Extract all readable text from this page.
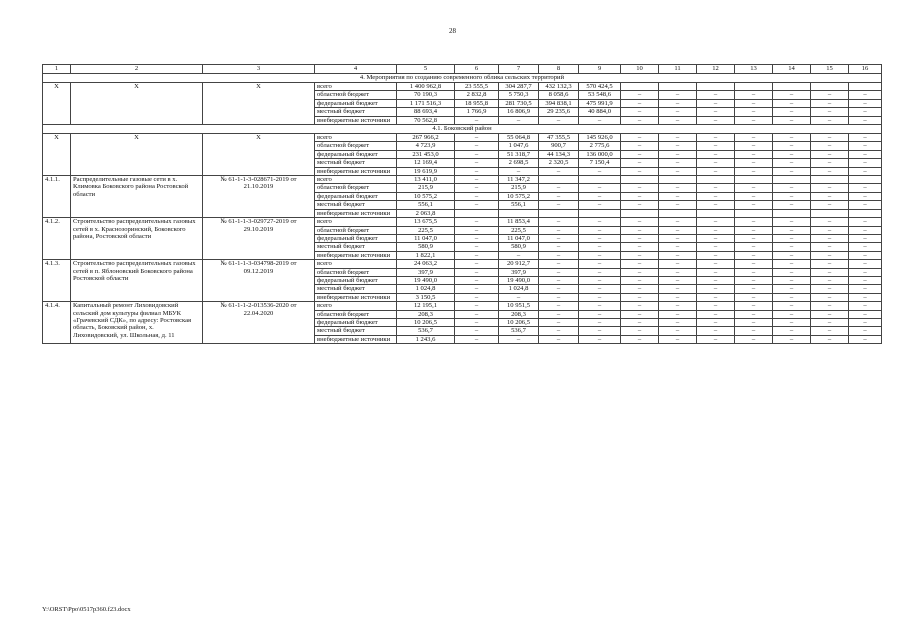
28
1	2	3	4	5	6	7	8	9	10	11	12	13	14	15	16
4. Мероприятия по созданию современного облика сельских территорий															
X	X	X	всего	1 400 962,8	23 555,5	304 287,7	432 132,3	570 424,5							
			областной бюджет	70 190,3	2 832,8	5 750,3	8 058,6	53 548,6	–	–	–	–	–	–	–
			федеральный бюджет	1 171 516,3	18 955,8	281 730,5	394 838,1	475 991,9	–	–	–	–	–	–	–
			местный бюджет	88 693,4	1 766,9	16 806,9	29 235,6	40 884,0	–	–	–	–	–	–	–
			внебюджетные источники	70 562,8	–	–	–	–	–	–	–	–	–	–	–
4.1. Боковский район															
X	X	X	всего	267 966,2	–	55 064,8	47 355,5	145 926,0	–	–	–	–	–	–	–
			областной бюджет	4 723,9	–	1 047,6	900,7	2 775,6	–	–	–	–	–	–	–
			федеральный бюджет	231 453,0	–	51 318,7	44 134,3	136 000,0	–	–	–	–	–	–	–
			местный бюджет	12 169,4	–	2 698,5	2 320,5	7 150,4	–	–	–	–	–	–	–
			внебюджетные источники	19 619,9	–	–	–	–	–	–	–	–	–	–	–
4.1.1.	Распределительные газовые сети в х. Климовка Боковского района Ростовской области	№ 61-1-1-3-028671-2019 от 21.10.2019	всего	13 411,0	–	11 347,2									
			областной бюджет	215,9	–	215,9	–	–	–	–	–	–	–	–	–
			федеральный бюджет	10 575,2	–	10 575,2	–	–	–	–	–	–	–	–	–
			местный бюджет	556,1	–	556,1	–	–	–	–	–	–	–	–	–
			внебюджетные источники	2 063,8											
4.1.2.	Строительство распределительных газовых сетей в х. Краснозоринский, Боковского района, Ростовской области	№ 61-1-1-3-029727-2019 от 29.10.2019	всего	13 675,5	–	11 853,4	–	–	–	–	–	–	–	–	–
			областной бюджет	225,5	–	225,5	–	–	–	–	–	–	–	–	–
			федеральный бюджет	11 047,0	–	11 047,0	–	–	–	–	–	–	–	–	–
			местный бюджет	580,9	–	580,9	–	–	–	–	–	–	–	–	–
			внебюджетные источники	1 822,1	–	–	–	–	–	–	–	–	–	–	–
4.1.3.	Строительство распределительных газовых сетей в п. Яблоновский Боковского района Ростовской области	№ 61-1-1-3-034798-2019 от 09.12.2019	всего	24 063,2	–	20 912,7	–	–	–	–	–	–	–	–	–
			областной бюджет	397,9	–	397,9	–	–	–	–	–	–	–	–	–
			федеральный бюджет	19 490,0	–	19 490,0	–	–	–	–	–	–	–	–	–
			местный бюджет	1 024,8	–	1 024,8	–	–	–	–	–	–	–	–	–
			внебюджетные источники	3 150,5	–	–	–	–	–	–	–	–	–	–	–
4.1.4.	Капитальный ремонт Лиховидовский сельский дом культуры филиал МБУК «Грачевский СДК», по адресу: Ростовская область, Боковский район, х. Лиховидовский, ул. Школьная, д. 11	№ 61-1-1-2-013536-2020 от 22.04.2020	всего	12 195,1	–	10 951,5	–	–	–	–	–	–	–	–	–
			областной бюджет	208,3	–	208,3	–	–	–	–	–	–	–	–	–
			федеральный бюджет	10 206,5	–	10 206,5	–	–	–	–	–	–	–	–	–
			местный бюджет	536,7	–	536,7	–	–	–	–	–	–	–	–	–
			внебюджетные источники	1 243,6	–	–	–	–	–	–	–	–	–	–	–
Y:\ORST\Ppo\0517p360.f23.docx
